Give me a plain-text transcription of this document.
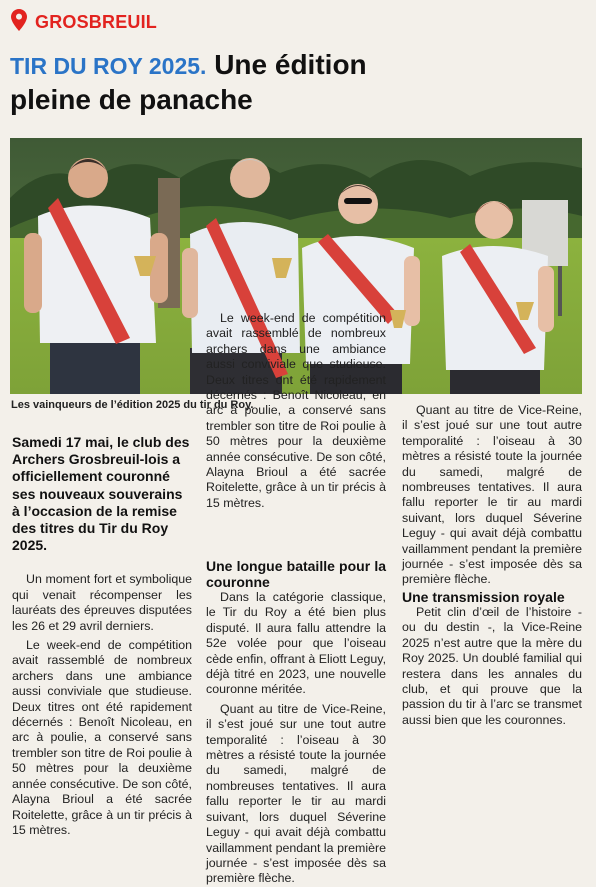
GROSBREUIL
TIR DU ROY 2025. Une édition
pleine de panache
Les vainqueurs de l’édition 2025 du tir du Roy.

Samedi 17 mai, le club des Archers Grosbreuil-lois a officiellement couronné ses nouveaux souverains à l’occasion de la remise des titres du Tir du Roy 2025.

Un moment fort et symbolique qui venait récompenser les lauréats des épreuves disputées les 26 et 29 avril derniers.

Le week-end de compétition avait rassemblé de nombreux archers dans une ambiance aussi conviviale que studieuse. Deux titres ont été rapidement décernés : Benoît Nicoleau, en arc à poulie, a conservé sans trembler son titre de Roi poulie à 50 mètres pour la deuxième année consécutive. De son côté, Alayna Brioul a été sacrée Roitelette, grâce à un tir précis à 15 mètres.

Le week-end de compétition avait rassemblé de nombreux archers dans une ambiance aussi conviviale que studieuse. Deux titres ont été rapidement décernés : Benoît Nicoleau, en arc à poulie, a conservé sans trembler son titre de Roi poulie à 50 mètres pour la deuxième année consécutive. De son côté, Alayna Brioul a été sacrée Roitelette, grâce à un tir précis à 15 mètres.

Une longue bataille pour la couronne

Dans la catégorie classique, le Tir du Roy a été bien plus disputé. Il aura fallu attendre la 52e volée pour que l’oiseau cède enfin, offrant à Eliott Leguy, déjà titré en 2023, une nouvelle couronne méritée.

Quant au titre de Vice-Reine, il s’est joué sur une tout autre temporalité : l’oiseau à 30 mètres a résisté toute la journée du samedi, malgré de nombreuses tentatives. Il aura fallu reporter le tir au mardi suivant, lors duquel Séverine Leguy - qui avait déjà combattu vaillamment pendant la première journée - s’est imposée dès sa première flèche.

Quant au titre de Vice-Reine, il s’est joué sur une tout autre temporalité : l’oiseau à 30 mètres a résisté toute la journée du samedi, malgré de nombreuses tentatives. Il aura fallu reporter le tir au mardi suivant, lors duquel Séverine Leguy - qui avait déjà combattu vaillamment pendant la première journée - s’est imposée dès sa première flèche.

Une transmission royale

Petit clin d’œil de l’histoire - ou du destin -, la Vice-Reine 2025 n’est autre que la mère du Roy 2025. Un doublé familial qui restera dans les annales du club, et qui prouve que la passion du tir à l’arc se transmet aussi bien que les couronnes.
